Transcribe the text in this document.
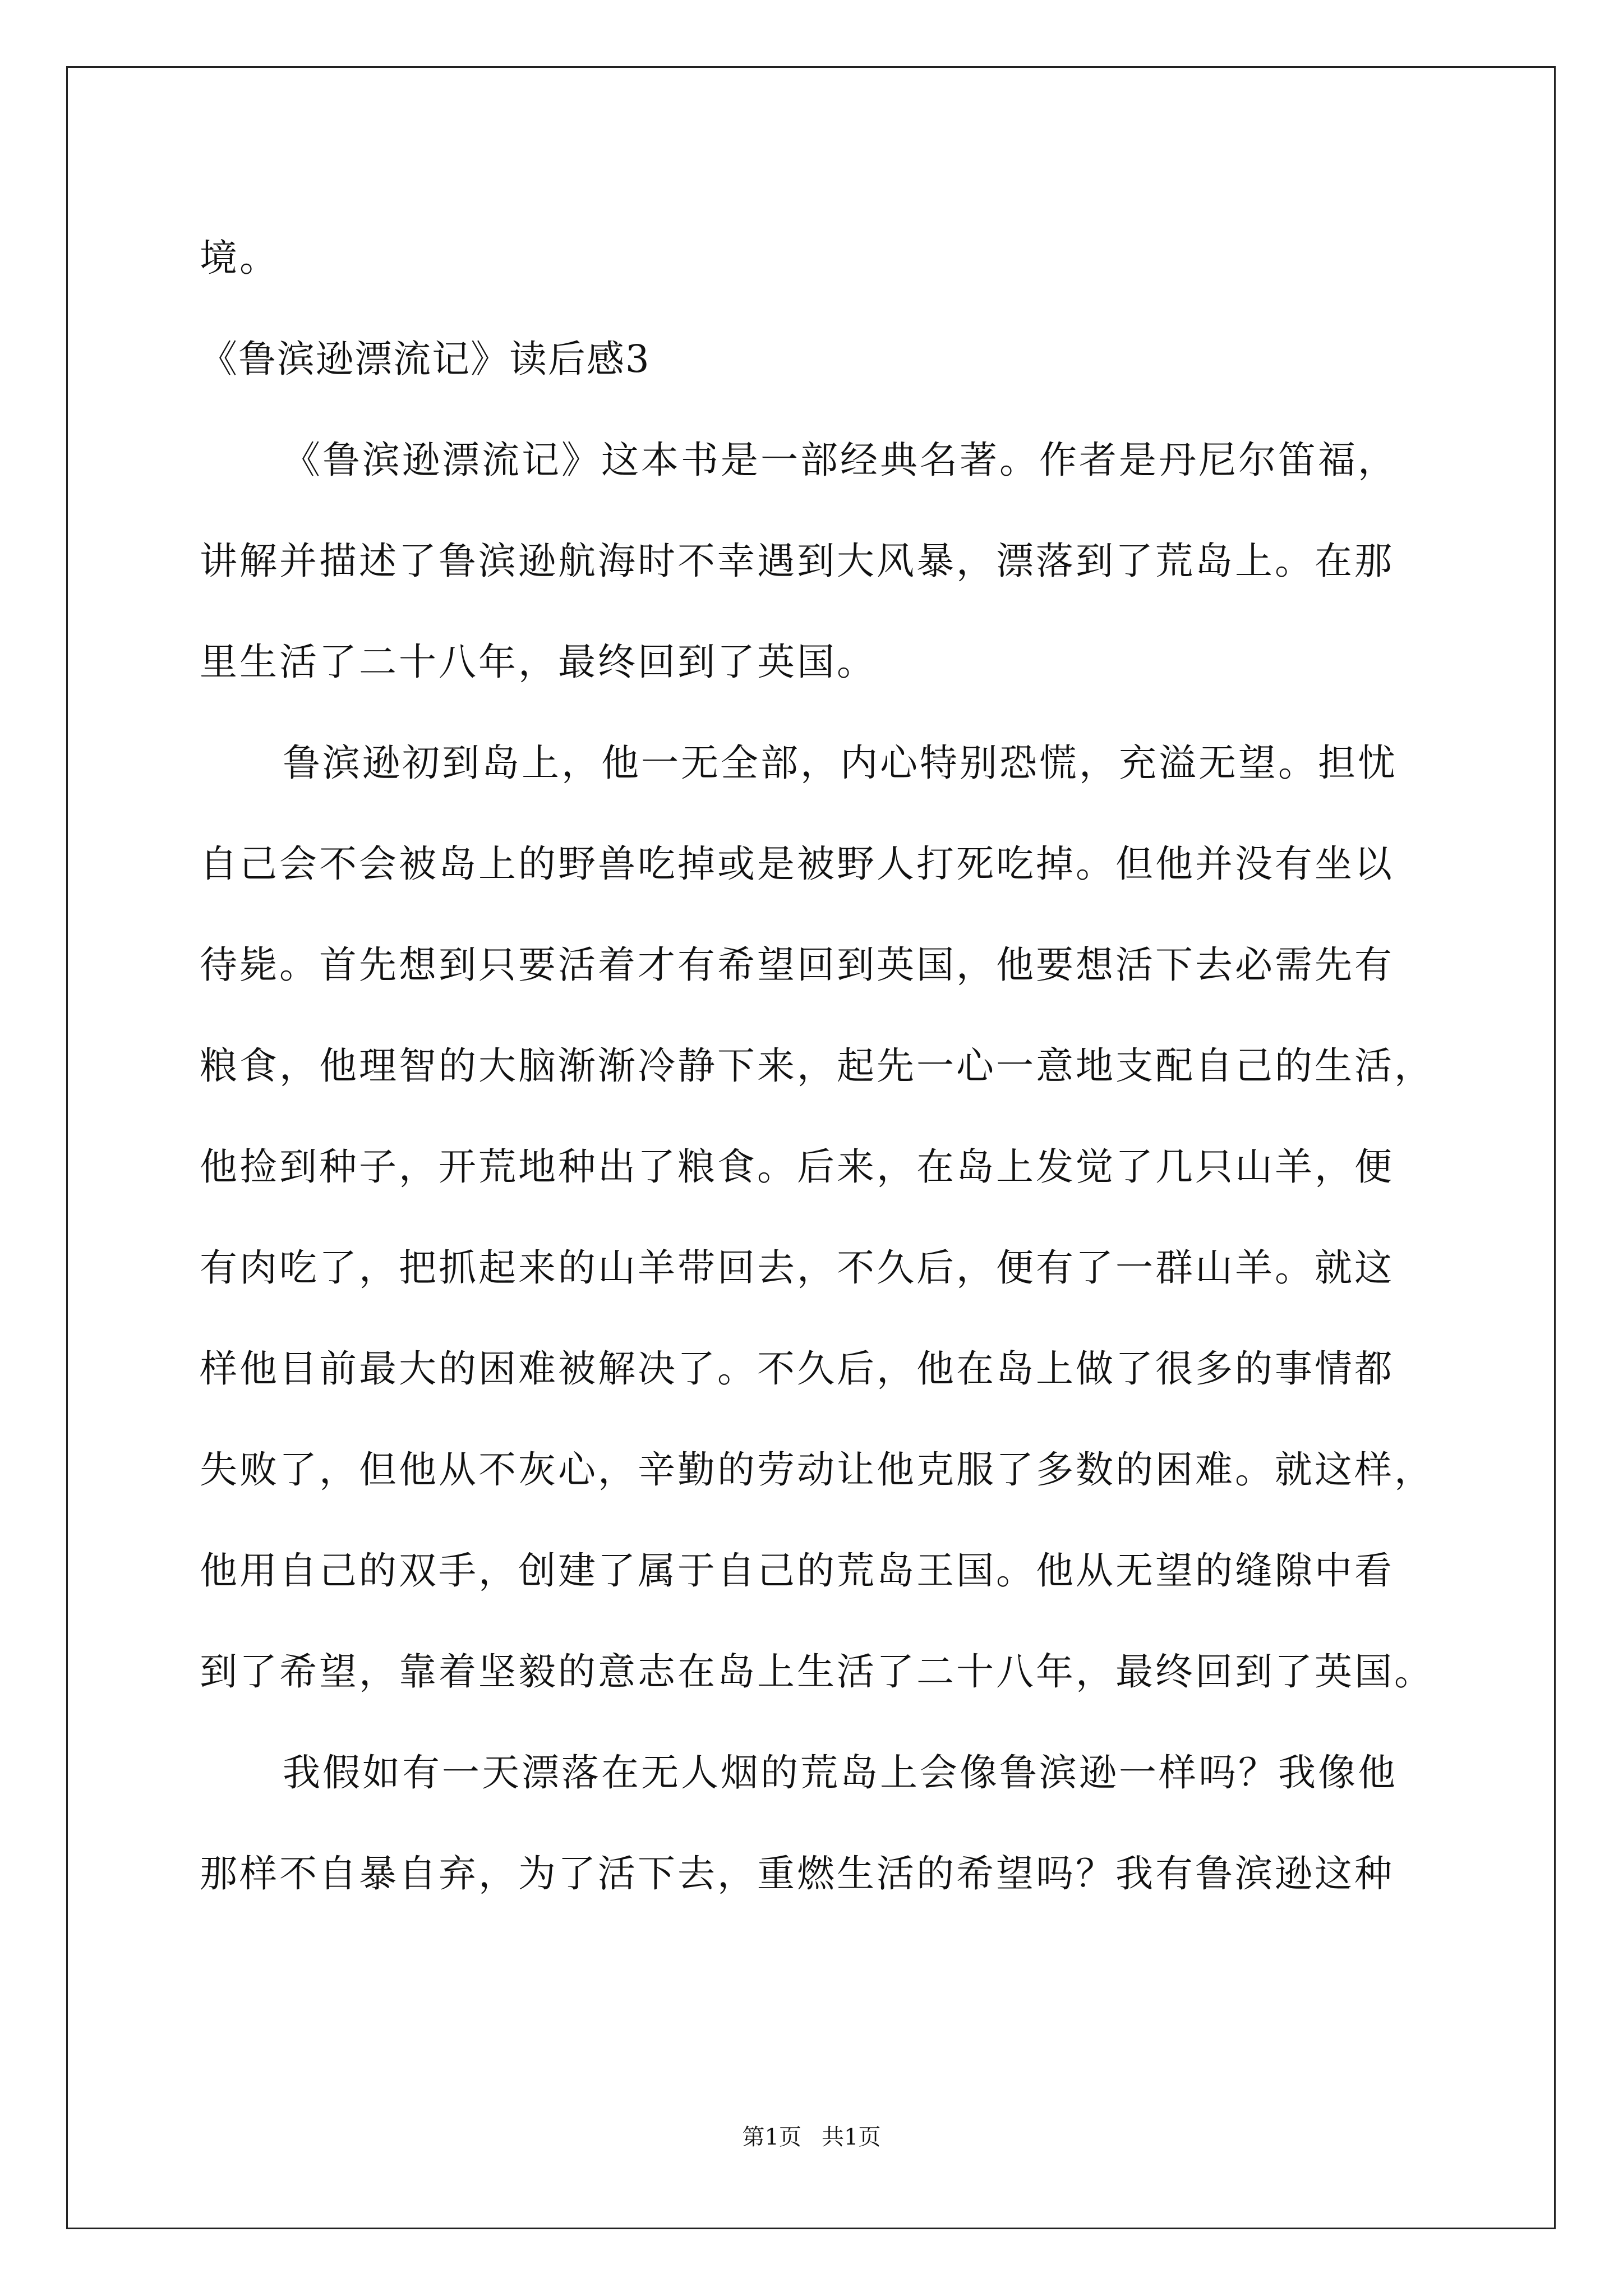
境。
《鲁滨逊漂流记》读后感3
《鲁滨逊漂流记》这本书是一部经典名著。作者是丹尼尔笛福，
讲解并描述了鲁滨逊航海时不幸遇到大风暴，漂落到了荒岛上。在那
里生活了二十八年，最终回到了英国。
鲁滨逊初到岛上，他一无全部，内心特别恐慌，充溢无望。担忧
自己会不会被岛上的野兽吃掉或是被野人打死吃掉。但他并没有坐以
待毙。首先想到只要活着才有希望回到英国，他要想活下去必需先有
粮食，他理智的大脑渐渐冷静下来，起先一心一意地支配自己的生活，
他捡到种子，开荒地种出了粮食。后来，在岛上发觉了几只山羊，便
有肉吃了，把抓起来的山羊带回去，不久后，便有了一群山羊。就这
样他目前最大的困难被解决了。不久后，他在岛上做了很多的事情都
失败了，但他从不灰心，辛勤的劳动让他克服了多数的困难。就这样，
他用自己的双手，创建了属于自己的荒岛王国。他从无望的缝隙中看
到了希望，靠着坚毅的意志在岛上生活了二十八年，最终回到了英国。
我假如有一天漂落在无人烟的荒岛上会像鲁滨逊一样吗？我像他
那样不自暴自弃，为了活下去，重燃生活的希望吗？我有鲁滨逊这种
第1页 共1页
